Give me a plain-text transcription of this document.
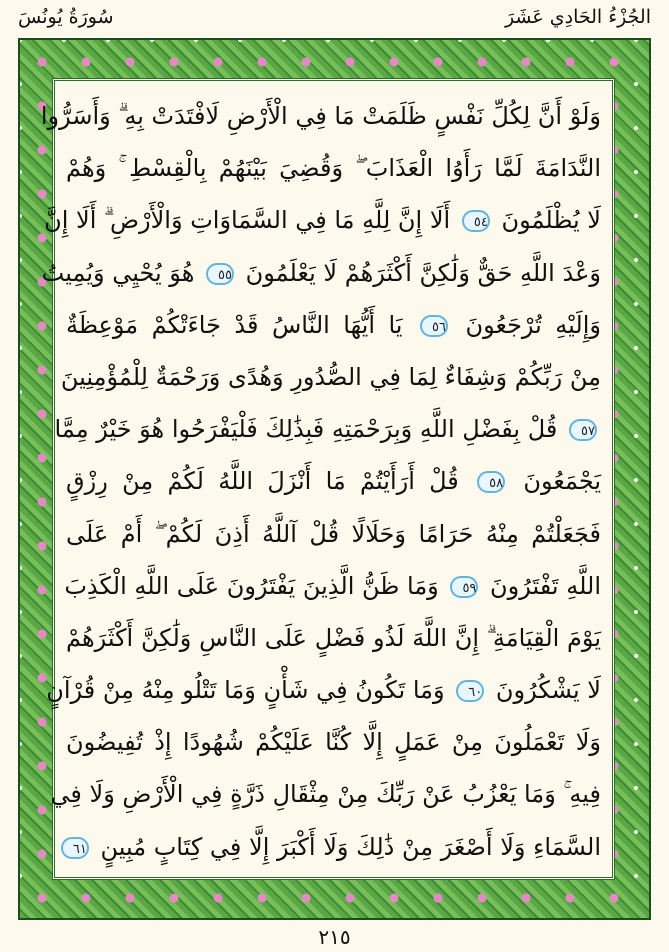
سُورَةُ يُونُسَ	الجُزْءُ الحَادِي عَشَرَ
وَلَوْ أَنَّ لِكُلِّ نَفْسٍ ظَلَمَتْ مَا فِي الْأَرْضِ لَافْتَدَتْ بِهِ ۗ وَأَسَرُّوا
النَّدَامَةَ لَمَّا رَأَوُا الْعَذَابَ ۖ وَقُضِيَ بَيْنَهُمْ بِالْقِسْطِ ۚ وَهُمْ
لَا يُظْلَمُونَ ٥٤ أَلَا إِنَّ لِلَّهِ مَا فِي السَّمَاوَاتِ وَالْأَرْضِ ۗ أَلَا إِنَّ
وَعْدَ اللَّهِ حَقٌّ وَلَٰكِنَّ أَكْثَرَهُمْ لَا يَعْلَمُونَ ٥٥ هُوَ يُحْيِي وَيُمِيتُ
وَإِلَيْهِ تُرْجَعُونَ ٥٦ يَا أَيُّهَا النَّاسُ قَدْ جَاءَتْكُمْ مَوْعِظَةٌ
مِنْ رَبِّكُمْ وَشِفَاءٌ لِمَا فِي الصُّدُورِ وَهُدًى وَرَحْمَةٌ لِلْمُؤْمِنِينَ
٥٧ قُلْ بِفَضْلِ اللَّهِ وَبِرَحْمَتِهِ فَبِذَٰلِكَ فَلْيَفْرَحُوا هُوَ خَيْرٌ مِمَّا
يَجْمَعُونَ ٥٨ قُلْ أَرَأَيْتُمْ مَا أَنْزَلَ اللَّهُ لَكُمْ مِنْ رِزْقٍ
فَجَعَلْتُمْ مِنْهُ حَرَامًا وَحَلَالًا قُلْ آللَّهُ أَذِنَ لَكُمْ ۖ أَمْ عَلَى
اللَّهِ تَفْتَرُونَ ٥٩ وَمَا ظَنُّ الَّذِينَ يَفْتَرُونَ عَلَى اللَّهِ الْكَذِبَ
يَوْمَ الْقِيَامَةِ ۗ إِنَّ اللَّهَ لَذُو فَضْلٍ عَلَى النَّاسِ وَلَٰكِنَّ أَكْثَرَهُمْ
لَا يَشْكُرُونَ ٦٠ وَمَا تَكُونُ فِي شَأْنٍ وَمَا تَتْلُو مِنْهُ مِنْ قُرْآنٍ
وَلَا تَعْمَلُونَ مِنْ عَمَلٍ إِلَّا كُنَّا عَلَيْكُمْ شُهُودًا إِذْ تُفِيضُونَ
فِيهِ ۚ وَمَا يَعْزُبُ عَنْ رَبِّكَ مِنْ مِثْقَالِ ذَرَّةٍ فِي الْأَرْضِ وَلَا فِي
السَّمَاءِ وَلَا أَصْغَرَ مِنْ ذَٰلِكَ وَلَا أَكْبَرَ إِلَّا فِي كِتَابٍ مُبِينٍ ٦١
٢١٥
